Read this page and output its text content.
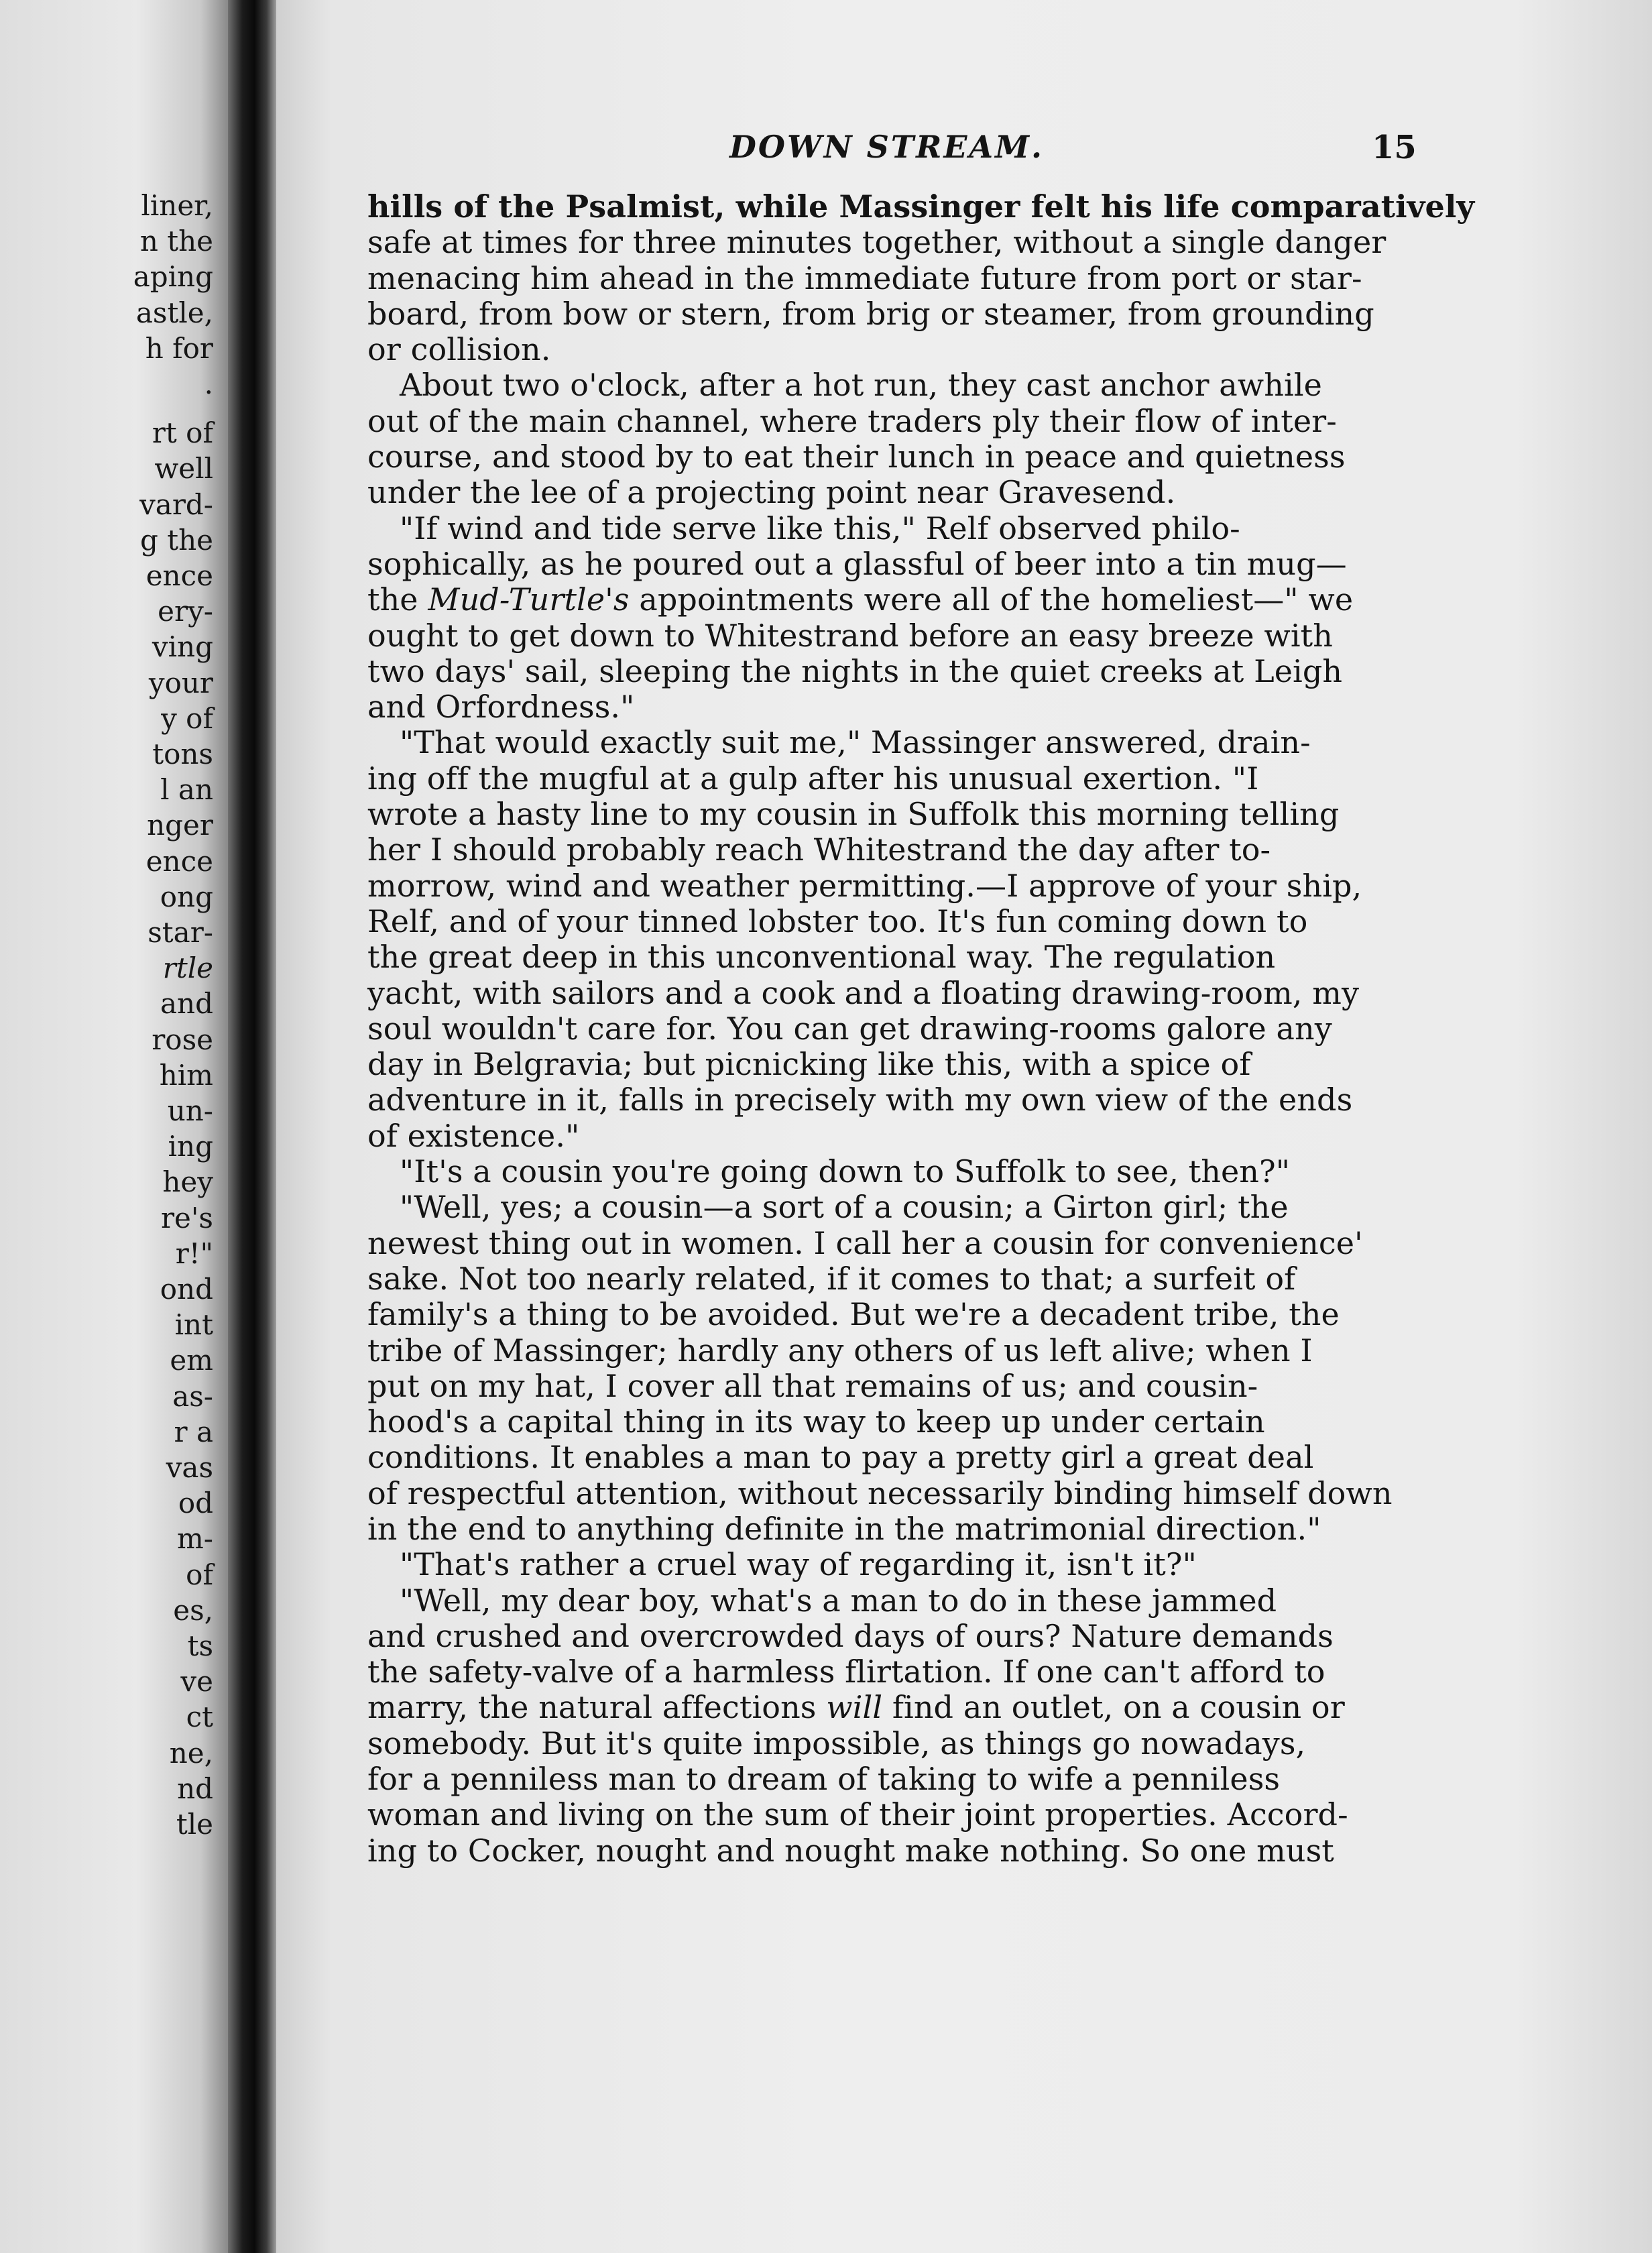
liner,
n the
aping
astle,
h for
.
rt of
well
vard-
g the
ence
ery-
ving
your
y of
tons
l an
nger
ence
ong
star-
rtle
and
rose
him
un-
ing
hey
re's
r!"
ond
int
em
as-
r a
vas
od
m-
of
es,
ts
ve
ct
ne,
nd
tle
DOWN STREAM.	15
hills of the Psalmist, while Massinger felt his life comparatively
safe at times for three minutes together, without a single danger
menacing him ahead in the immediate future from port or star-
board, from bow or stern, from brig or steamer, from grounding
or collision.
About two o'clock, after a hot run, they cast anchor awhile
out of the main channel, where traders ply their flow of inter-
course, and stood by to eat their lunch in peace and quietness
under the lee of a projecting point near Gravesend.
"If wind and tide serve like this," Relf observed philo-
sophically, as he poured out a glassful of beer into a tin mug—
the Mud-Turtle's appointments were all of the homeliest—" we
ought to get down to Whitestrand before an easy breeze with
two days' sail, sleeping the nights in the quiet creeks at Leigh
and Orfordness."
"That would exactly suit me," Massinger answered, drain-
ing off the mugful at a gulp after his unusual exertion. "I
wrote a hasty line to my cousin in Suffolk this morning telling
her I should probably reach Whitestrand the day after to-
morrow, wind and weather permitting.—I approve of your ship,
Relf, and of your tinned lobster too. It's fun coming down to
the great deep in this unconventional way. The regulation
yacht, with sailors and a cook and a floating drawing-room, my
soul wouldn't care for. You can get drawing-rooms galore any
day in Belgravia; but picnicking like this, with a spice of
adventure in it, falls in precisely with my own view of the ends
of existence."
"It's a cousin you're going down to Suffolk to see, then?"
"Well, yes; a cousin—a sort of a cousin; a Girton girl; the
newest thing out in women. I call her a cousin for convenience'
sake. Not too nearly related, if it comes to that; a surfeit of
family's a thing to be avoided. But we're a decadent tribe, the
tribe of Massinger; hardly any others of us left alive; when I
put on my hat, I cover all that remains of us; and cousin-
hood's a capital thing in its way to keep up under certain
conditions. It enables a man to pay a pretty girl a great deal
of respectful attention, without necessarily binding himself down
in the end to anything definite in the matrimonial direction."
"That's rather a cruel way of regarding it, isn't it?"
"Well, my dear boy, what's a man to do in these jammed
and crushed and overcrowded days of ours? Nature demands
the safety-valve of a harmless flirtation. If one can't afford to
marry, the natural affections will find an outlet, on a cousin or
somebody. But it's quite impossible, as things go nowadays,
for a penniless man to dream of taking to wife a penniless
woman and living on the sum of their joint properties. Accord-
ing to Cocker, nought and nought make nothing. So one must
